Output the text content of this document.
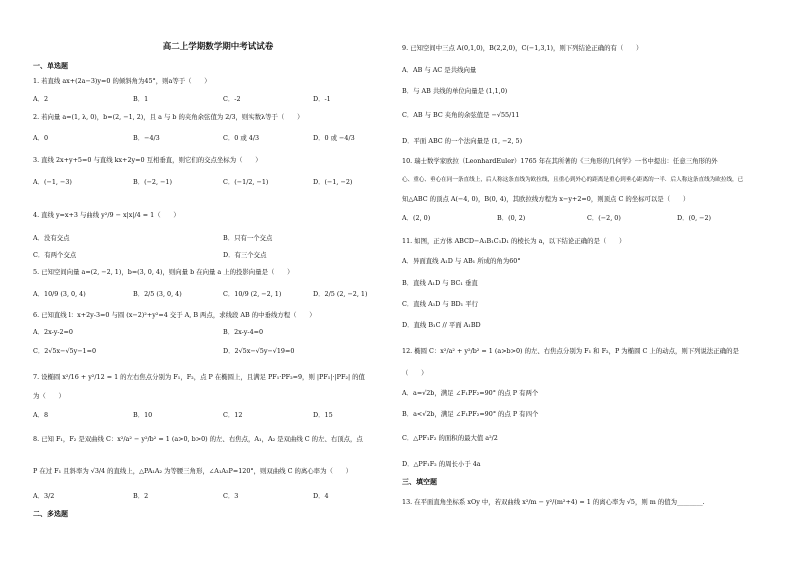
高二上学期数学期中考试试卷
一、单选题
1. 若直线 ax+(2a−3)y=0 的倾斜角为45°，则a等于（　　）
A．2	B．1	C．-2	D．-1
2. 若向量 a=(1, λ, 0)，b=(2, −1, 2)，且 a 与 b 的夹角余弦值为 2/3，则实数λ等于（　　）
A．0	B．−4/3	C．0 或 4/3	D．0 或 −4/3
3. 直线 2x+y+5=0 与直线 kx+2y=0 互相垂直，则它们的交点坐标为（　　）
A．(−1, −3)	B．(−2, −1)	C．(−1/2, −1)	D．(−1, −2)
4. 直线 y=x+3 与曲线 y²/9 − x|x|/4 = 1（　　）
A．没有交点	B．只有一个交点
C．有两个交点	D．有三个交点
5. 已知空间向量 a=(2, −2, 1)，b=(3, 0, 4)，则向量 b 在向量 a 上的投影向量是（　　）
A．10/9 (3, 0, 4)	B．2/5 (3, 0, 4)	C．10/9 (2, −2, 1)	D．2/5 (2, −2, 1)
6. 已知直线 l：x+2y-3=0 与圆 (x−2)²+y²=4 交于 A, B 两点，求线段 AB 的中垂线方程（　　）
A．2x-y-2=0	B．2x-y-4=0
C．2√5x−√5y−1=0	D．2√5x−√5y−√19=0
7. 设椭圆 x²/16 + y²/12 = 1 的左右焦点分别为 F₁，F₂，点 P 在椭圆上，且满足 PF₁·PF₂=9，则 |PF₁|·|PF₂| 的值
为（　　）
A．8	B．10	C．12	D．15
8. 已知 F₁，F₂ 是双曲线 C：x²/a² − y²/b² = 1 (a>0, b>0) 的左、右焦点，A₁，A₂ 是双曲线 C 的左、右顶点，点
P 在过 F₁ 且斜率为 √3/4 的直线上，△PA₁A₂ 为等腰三角形，∠A₁A₂P=120°，则双曲线 C 的离心率为（　　）
A．3/2	B．2	C．3	D．4
二、多选题
9. 已知空间中三点 A(0,1,0)，B(2,2,0)，C(−1,3,1)，则下列结论正确的有（　　）
A．AB 与 AC 是共线向量
B．与 AB 共线的单位向量是 (1,1,0)
C．AB 与 BC 夹角的余弦值是 −√55/11
D．平面 ABC 的一个法向量是 (1, −2, 5)
10. 瑞士数学家欧拉（LeonhardEuler）1765 年在其所著的《三角形的几何学》一书中提出：任意三角形的外
心、重心、垂心在同一条直线上，后人称这条直线为欧拉线，且重心到外心的距离是重心到垂心距离的一半．后人称这条直线为欧拉线，已
知△ABC 的顶点 A(−4, 0)，B(0, 4)，其欧拉线方程为 x−y+2=0，则顶点 C 的坐标可以是（　　）
A．(2, 0)	B．(0, 2)	C．(−2, 0)	D．(0, −2)
11. 如图，正方体 ABCD−A₁B₁C₁D₁ 的棱长为 a，以下结论正确的是（　　）
A．异面直线 A₁D 与 AB₁ 所成的角为60°
B．直线 A₁D 与 BC₁ 垂直
C．直线 A₁D 与 BD₁ 平行
D．直线 B₁C // 平面 A₁BD
12. 椭圆 C：x²/a² + y²/b² = 1 (a>b>0) 的左、右焦点分别为 F₁ 和 F₂，P 为椭圆 C 上的动点，则下列说法正确的是
（　　）
A．a=√2b，满足 ∠F₁PF₂=90° 的点 P 有两个
B．a<√2b，满足 ∠F₁PF₂=90° 的点 P 有四个
C．△PF₁F₂ 的面积的最大值 a²/2
D．△PF₁F₂ 的周长小于 4a
三、填空题
13. 在平面直角坐标系 xOy 中，若双曲线 x²/m − y²/(m²+4) = 1 的离心率为 √5，则 m 的值为________.
